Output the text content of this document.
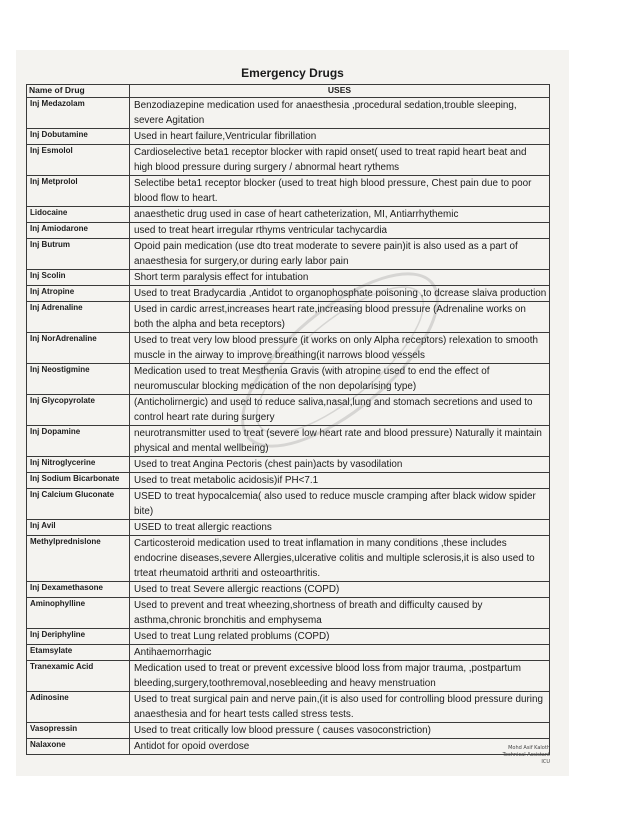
Emergency Drugs
Name of Drug	USES
Inj Medazolam	Benzodiazepine medication used for anaesthesia ,procedural sedation,trouble sleeping, severe Agitation
Inj Dobutamine	Used in heart failure,Ventricular fibrillation
Inj Esmolol	Cardioselective beta1 receptor blocker with rapid onset( used to treat rapid heart beat and high blood pressure during surgery / abnormal heart rythems
Inj Metprolol	Selectibe beta1 receptor blocker (used to treat high blood pressure, Chest pain due to poor blood flow to heart.
Lidocaine	anaesthetic drug used in case of heart catheterization, MI, Antiarrhythemic
Inj Amiodarone	used to treat heart irregular rthyms ventricular tachycardia
Inj Butrum	Opoid pain medication (use dto treat moderate to severe pain)it is also used as a part of anaesthesia for surgery,or during early labor pain
Inj Scolin	Short term paralysis effect for intubation
Inj Atropine	Used to treat Bradycardia ,Antidot to organophosphate poisoning ,to dcrease slaiva production
Inj Adrenaline	Used in cardic arrest,increases heart rate,increasing blood pressure (Adrenaline works on both the alpha and beta receptors)
Inj NorAdrenaline	Used to treat very low blood pressure (it works on only Alpha receptors) relexation to smooth muscle in the airway to improve breathing(it narrows blood vessels
Inj Neostigmine	Medication used to treat Mesthenia Gravis (with atropine used to end the effect of neuromuscular blocking medication of the non depolarising type)
Inj Glycopyrolate	(Anticholirnergic) and used to reduce saliva,nasal,lung and stomach secretions and used to control heart rate during surgery
Inj Dopamine	neurotransmitter used to treat (severe low heart rate and blood pressure) Naturally it maintain physical and mental wellbeing)
Inj Nitroglycerine	Used to treat Angina Pectoris (chest pain)acts by vasodilation
Inj Sodium Bicarbonate	Used to treat metabolic acidosis)if PH<7.1
Inj Calcium Gluconate	USED to treat hypocalcemia( also used to reduce muscle cramping after black widow spider bite)
Inj Avil	USED to treat allergic reactions
Methylprednislone	Carticosteroid medication used to treat inflamation in many conditions ,these includes endocrine diseases,severe Allergies,ulcerative colitis and multiple sclerosis,it is also used to trteat rheumatoid arthriti and osteoarthritis.
Inj Dexamethasone	Used to treat Severe allergic reactions (COPD)
Aminophylline	Used to prevent and treat wheezing,shortness of breath and difficulty caused by asthma,chronic bronchitis and emphysema
Inj Deriphyline	Used to treat Lung related problums (COPD)
Etamsylate	Antihaemorrhagic
Tranexamic Acid	Medication used to treat or prevent excessive blood loss from major trauma, ,postpartum bleeding,surgery,toothremoval,nosebleeding and heavy menstruation
Adinosine	Used to treat surgical pain and nerve pain,(it is also used for controlling blood pressure during anaesthesia and for heart tests called stress tests.
Vasopressin	Used to treat critically low blood pressure ( causes vasoconstriction)
Nalaxone	Antidot for opoid overdose	Mohd Asif Kaloth
Technical Assistant
ICU
